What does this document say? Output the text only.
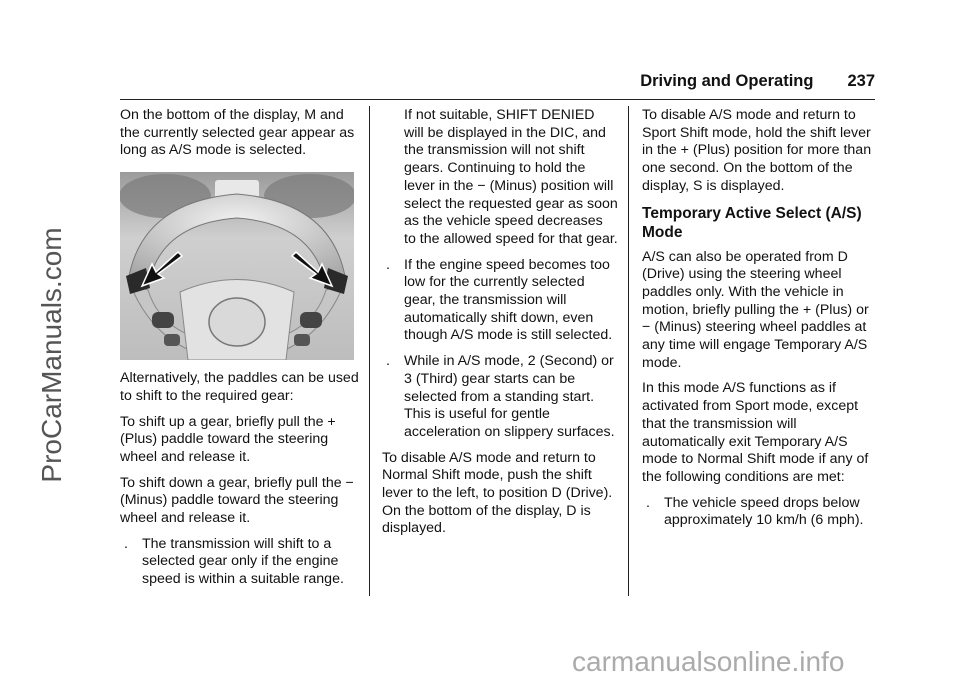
ProCarManuals.com
carmanualsonline.info
Driving and Operating 237

On the bottom of the display, M and the currently selected gear appear as long as A/S mode is selected.

Alternatively, the paddles can be used to shift to the required gear:

To shift up a gear, briefly pull the + (Plus) paddle toward the steering wheel and release it.

To shift down a gear, briefly pull the − (Minus) paddle toward the steering wheel and release it.

. The transmission will shift to a selected gear only if the engine speed is within a suitable range.

If not suitable, SHIFT DENIED will be displayed in the DIC, and the transmission will not shift gears. Continuing to hold the lever in the − (Minus) position will select the requested gear as soon as the vehicle speed decreases to the allowed speed for that gear.

. If the engine speed becomes too low for the currently selected gear, the transmission will automatically shift down, even though A/S mode is still selected.
. While in A/S mode, 2 (Second) or 3 (Third) gear starts can be selected from a standing start. This is useful for gentle acceleration on slippery surfaces.

To disable A/S mode and return to Normal Shift mode, push the shift lever to the left, to position D (Drive). On the bottom of the display, D is displayed.

To disable A/S mode and return to Sport Shift mode, hold the shift lever in the + (Plus) position for more than one second. On the bottom of the display, S is displayed.

Temporary Active Select (A/S) Mode

A/S can also be operated from D (Drive) using the steering wheel paddles only. With the vehicle in motion, briefly pulling the + (Plus) or − (Minus) steering wheel paddles at any time will engage Temporary A/S mode.

In this mode A/S functions as if activated from Sport mode, except that the transmission will automatically exit Temporary A/S mode to Normal Shift mode if any of the following conditions are met:

. The vehicle speed drops below approximately 10 km/h (6 mph).
